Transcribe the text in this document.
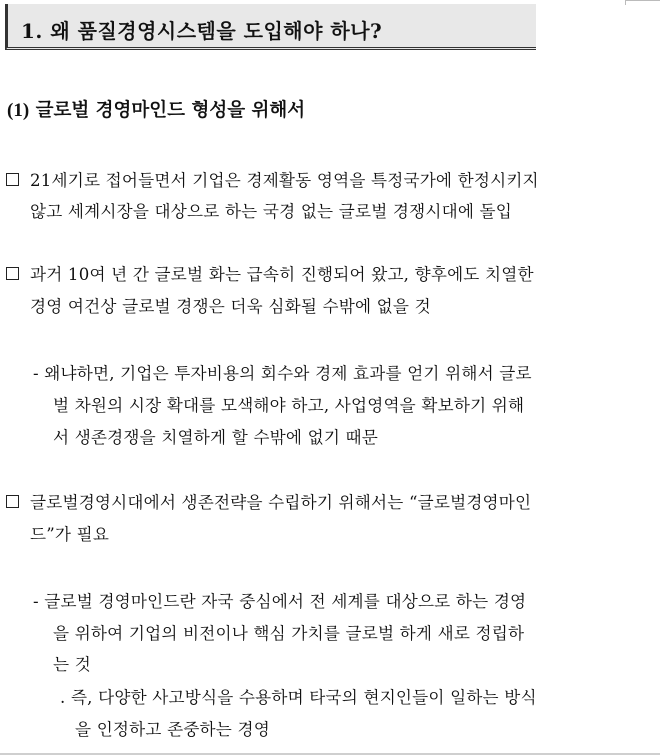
1. 왜 품질경영시스템을 도입해야 하나?
(1) 글로벌 경영마인드 형성을 위해서
21세기로 접어들면서 기업은 경제활동 영역을 특정국가에 한정시키지
않고 세계시장을 대상으로 하는 국경 없는 글로벌 경쟁시대에 돌입
과거 10여 년 간 글로벌 화는 급속히 진행되어 왔고, 향후에도 치열한
경영 여건상 글로벌 경쟁은 더욱 심화될 수밖에 없을 것
- 왜냐하면, 기업은 투자비용의 회수와 경제 효과를 얻기 위해서 글로
벌 차원의 시장 확대를 모색해야 하고, 사업영역을 확보하기 위해
서 생존경쟁을 치열하게 할 수밖에 없기 때문
글로벌경영시대에서 생존전략을 수립하기 위해서는 “글로벌경영마인
드”가 필요
- 글로벌 경영마인드란 자국 중심에서 전 세계를 대상으로 하는 경영
을 위하여 기업의 비전이나 핵심 가치를 글로벌 하게 새로 정립하
는 것
. 즉, 다양한 사고방식을 수용하며 타국의 현지인들이 일하는 방식
을 인정하고 존중하는 경영
